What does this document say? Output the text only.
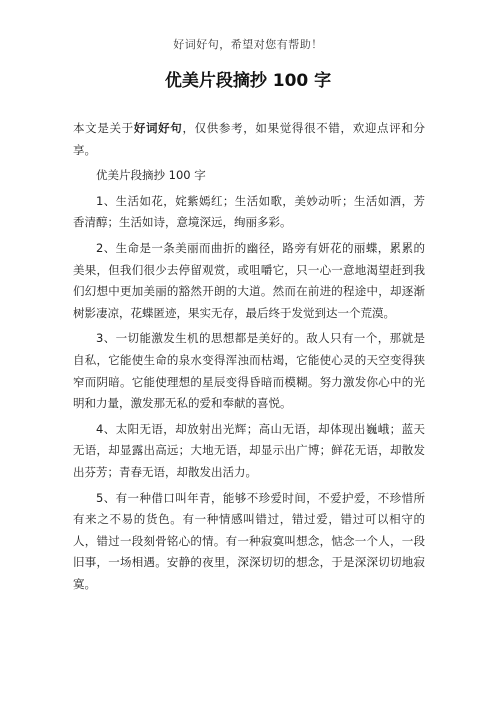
好词好句，希望对您有帮助！
优美片段摘抄 100 字

本文是关于好词好句，仅供参考，如果觉得很不错，欢迎点评和分享。

优美片段摘抄 100 字

1、生活如花，姹紫嫣红；生活如歌，美妙动听；生活如酒，芳香清醇；生活如诗，意境深远，绚丽多彩。

2、生命是一条美丽而曲折的幽径，路旁有妍花的丽蝶，累累的美果，但我们很少去停留观赏，或咀嚼它，只一心一意地渴望赶到我们幻想中更加美丽的豁然开朗的大道。然而在前进的程途中，却逐渐树影凄凉，花蝶匿迹，果实无存，最后终于发觉到达一个荒漠。

3、一切能激发生机的思想都是美好的。敌人只有一个，那就是自私，它能使生命的泉水变得浑浊而枯竭，它能使心灵的天空变得狭窄而阴暗。它能使理想的星辰变得昏暗而模糊。努力激发你心中的光明和力量，激发那无私的爱和奉献的喜悦。

4、太阳无语，却放射出光辉；高山无语，却体现出巍峨；蓝天无语，却显露出高远；大地无语，却显示出广博；鲜花无语，却散发出芬芳；青春无语，却散发出活力。

5、有一种借口叫年青，能够不珍爱时间，不爱护爱，不珍惜所有来之不易的货色。有一种情感叫错过，错过爱，错过可以相守的人，错过一段刻骨铭心的情。有一种寂寞叫想念，惦念一个人，一段旧事，一场相遇。安静的夜里，深深切切的想念，于是深深切切地寂寞。
